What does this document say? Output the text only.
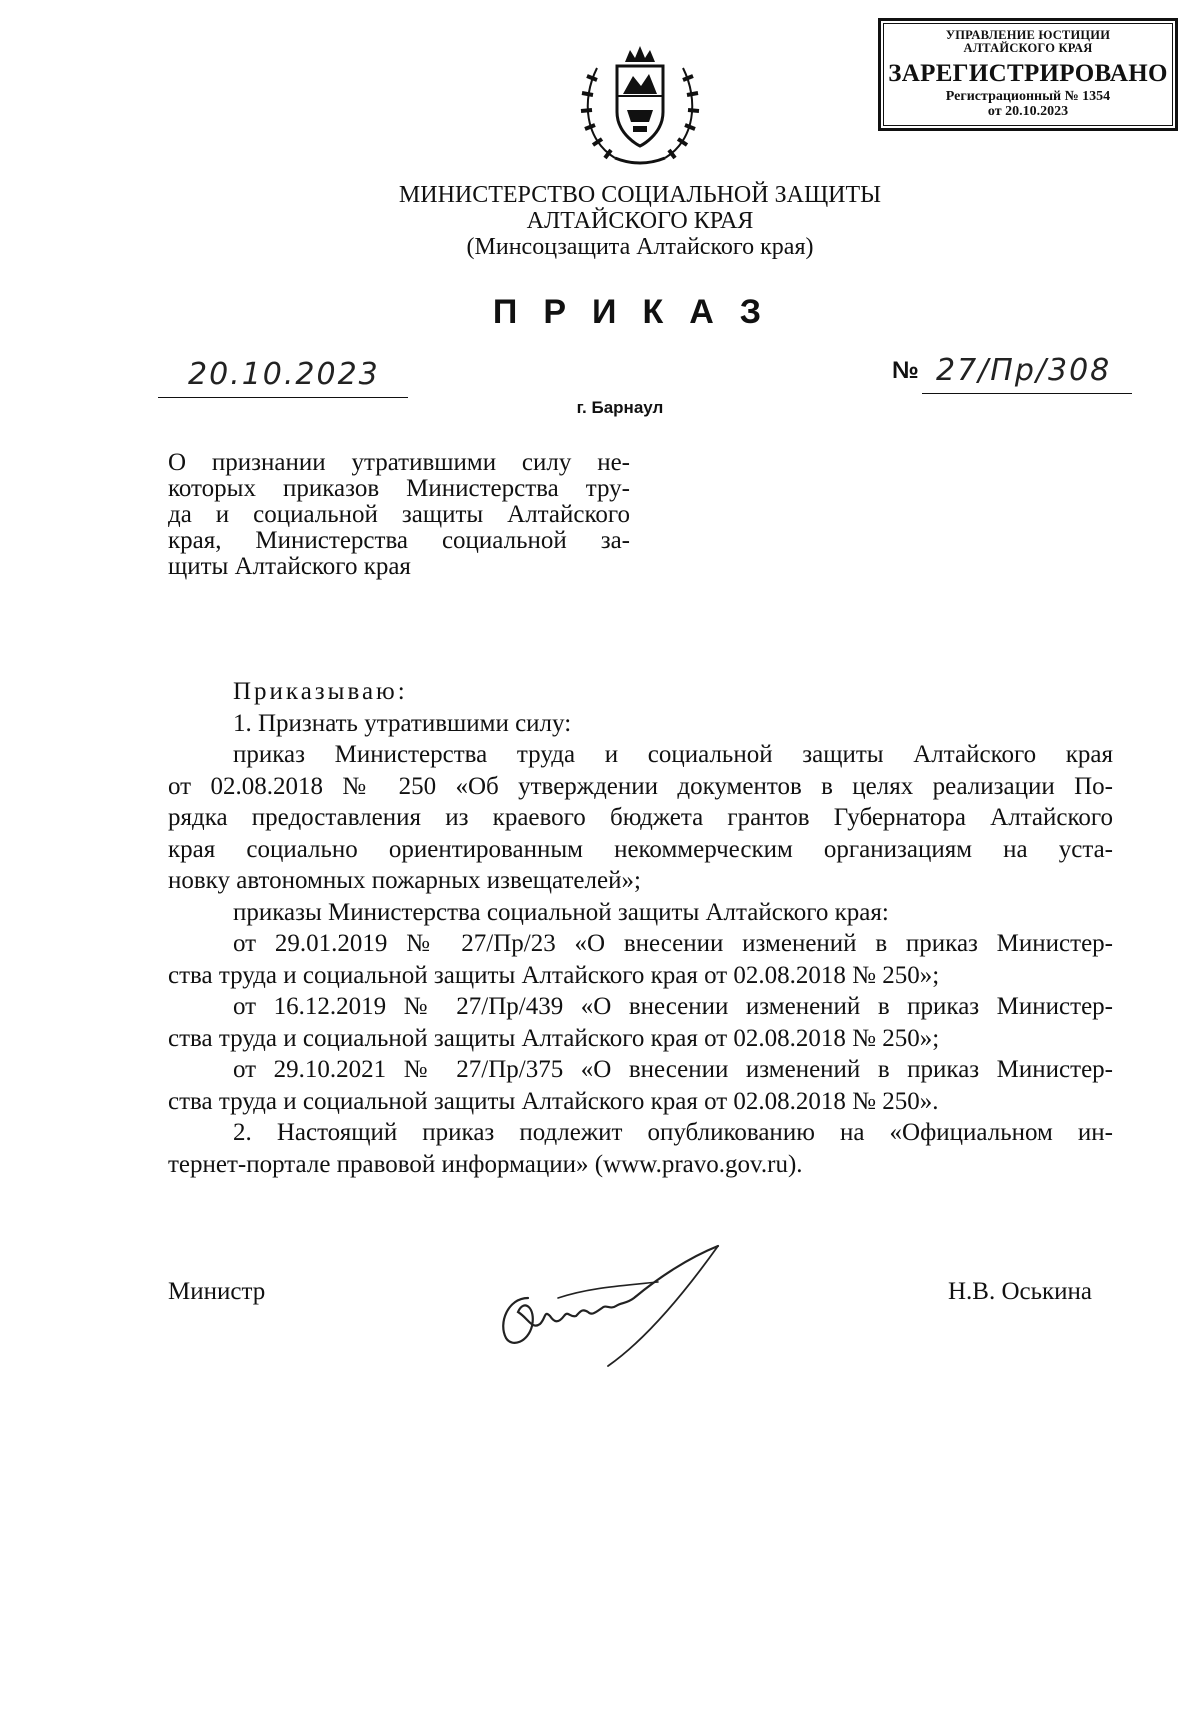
УПРАВЛЕНИЕ ЮСТИЦИИ
АЛТАЙСКОГО КРАЯ
ЗАРЕГИСТРИРОВАНО
Регистрационный № 1354
от 20.10.2023
МИНИСТЕРСТВО СОЦИАЛЬНОЙ ЗАЩИТЫ
АЛТАЙСКОГО КРАЯ
(Минсоцзащита Алтайского края)
ПРИКАЗ
20.10.2023	№ 27/Пр/308
г. Барнаул
О признании утратившими силу не-
которых приказов Министерства тру-
да и социальной защиты Алтайского
края, Министерства социальной за-
щиты Алтайского края
Приказываю:
1. Признать утратившими силу:
приказ Министерства труда и социальной защиты Алтайского края
от 02.08.2018 № 250 «Об утверждении документов в целях реализации По-
рядка предоставления из краевого бюджета грантов Губернатора Алтайского
края социально ориентированным некоммерческим организациям на уста-
новку автономных пожарных извещателей»;
приказы Министерства социальной защиты Алтайского края:
от 29.01.2019 № 27/Пр/23 «О внесении изменений в приказ Министер-
ства труда и социальной защиты Алтайского края от 02.08.2018 № 250»;
от 16.12.2019 № 27/Пр/439 «О внесении изменений в приказ Министер-
ства труда и социальной защиты Алтайского края от 02.08.2018 № 250»;
от 29.10.2021 № 27/Пр/375 «О внесении изменений в приказ Министер-
ства труда и социальной защиты Алтайского края от 02.08.2018 № 250».
2. Настоящий приказ подлежит опубликованию на «Официальном ин-
тернет-портале правовой информации» (www.pravo.gov.ru).
Министр	Н.В. Оськина
